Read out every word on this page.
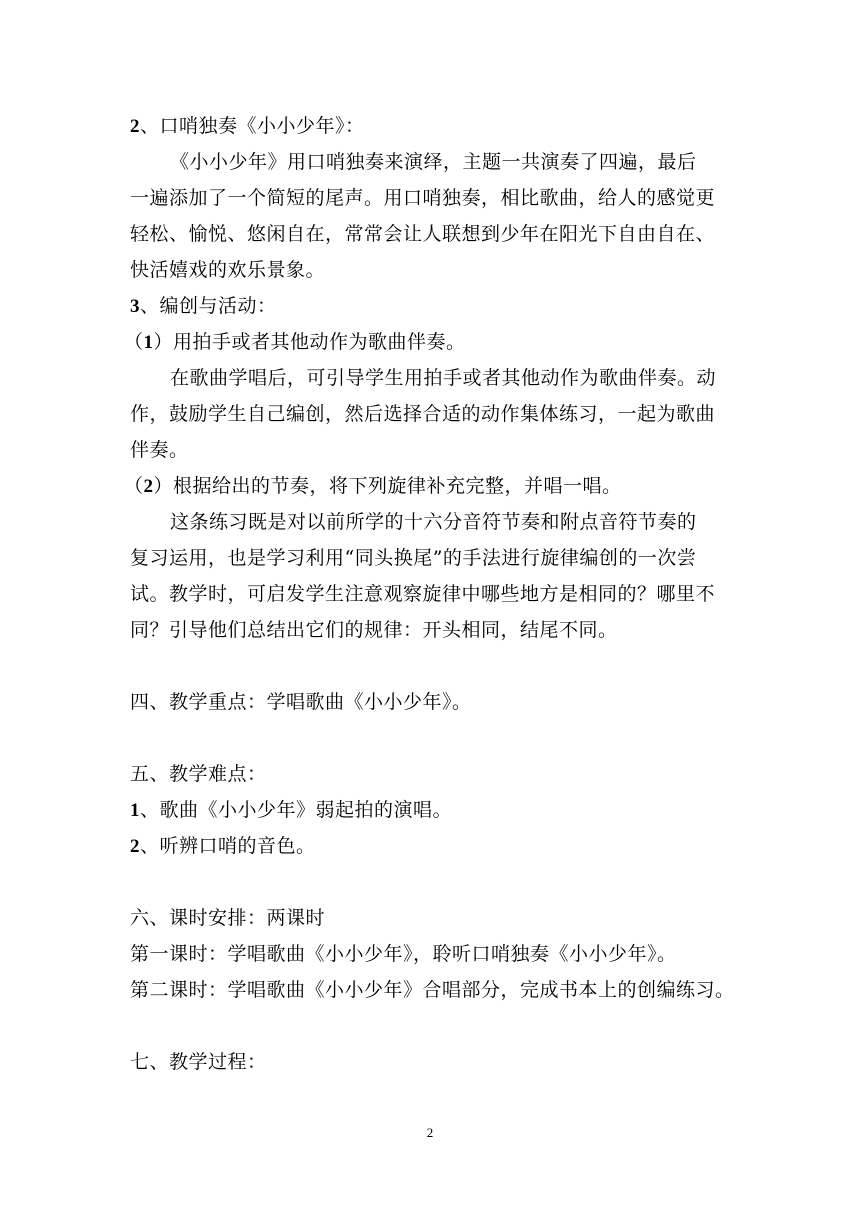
2、口哨独奏《小小少年》：
《小小少年》用口哨独奏来演绎，主题一共演奏了四遍，最后
一遍添加了一个简短的尾声。用口哨独奏，相比歌曲，给人的感觉更
轻松、愉悦、悠闲自在，常常会让人联想到少年在阳光下自由自在、
快活嬉戏的欢乐景象。
3、编创与活动：
（1）用拍手或者其他动作为歌曲伴奏。
在歌曲学唱后，可引导学生用拍手或者其他动作为歌曲伴奏。动
作，鼓励学生自己编创，然后选择合适的动作集体练习，一起为歌曲
伴奏。
（2）根据给出的节奏，将下列旋律补充完整，并唱一唱。
这条练习既是对以前所学的十六分音符节奏和附点音符节奏的
复习运用，也是学习利用“同头换尾”的手法进行旋律编创的一次尝
试。教学时，可启发学生注意观察旋律中哪些地方是相同的？哪里不
同？引导他们总结出它们的规律：开头相同，结尾不同。
四、教学重点：学唱歌曲《小小少年》。
五、教学难点：
1、歌曲《小小少年》弱起拍的演唱。
2、听辨口哨的音色。
六、课时安排：两课时
第一课时：学唱歌曲《小小少年》，聆听口哨独奏《小小少年》。
第二课时：学唱歌曲《小小少年》合唱部分，完成书本上的创编练习。
七、教学过程：
2
